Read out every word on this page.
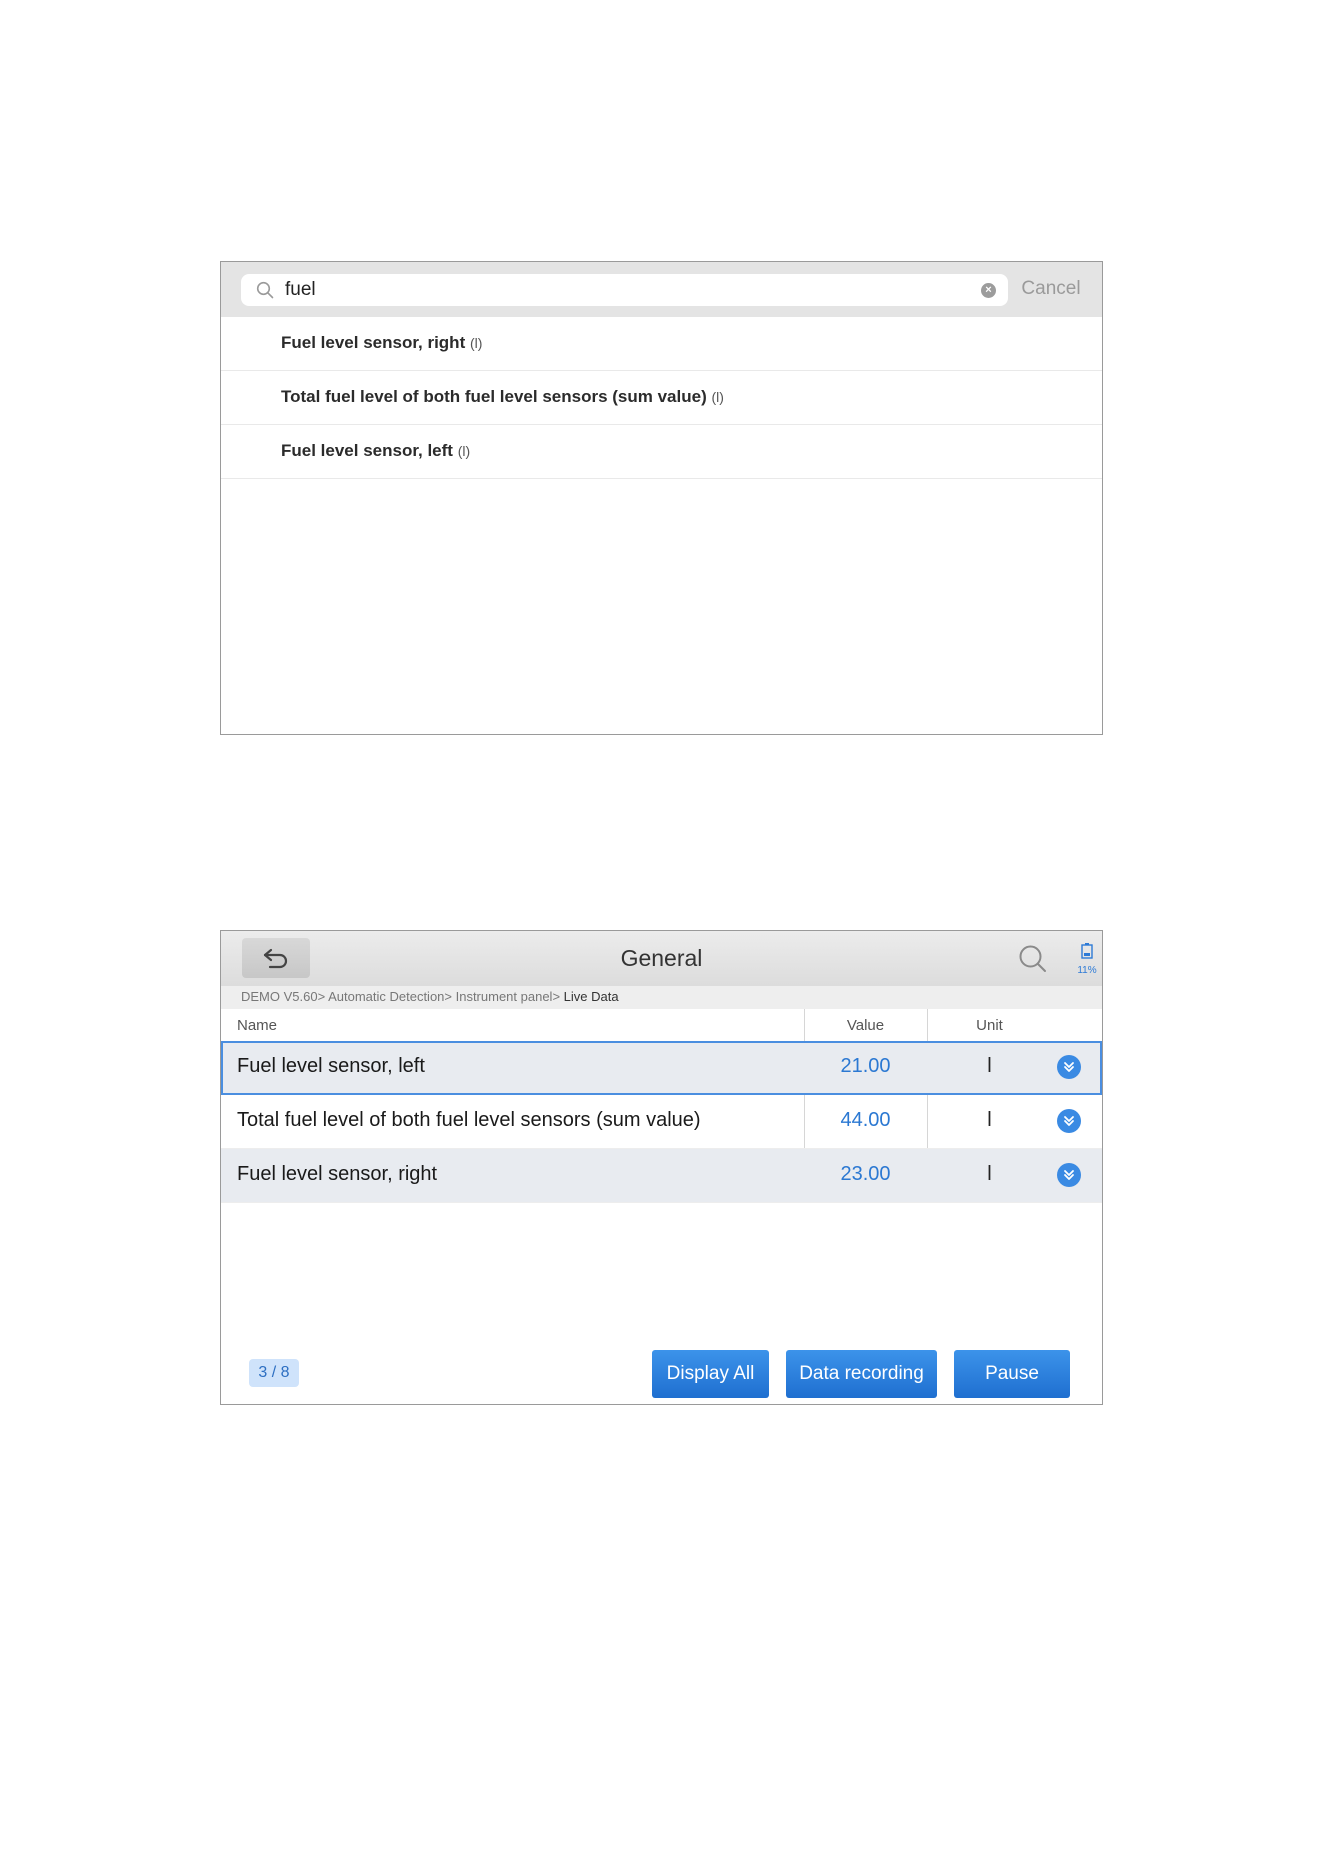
fuel	×	Cancel
Fuel level sensor, right (l)
Total fuel level of both fuel level sensors (sum value) (l)
Fuel level sensor, left (l)
General	11%
DEMO V5.60> Automatic Detection> Instrument panel> Live Data
Name	Value	Unit
Fuel level sensor, left	21.00	l
Total fuel level of both fuel level sensors (sum value)	44.00	l
Fuel level sensor, right	23.00	l
3 / 8	Display All	Data recording	Pause
